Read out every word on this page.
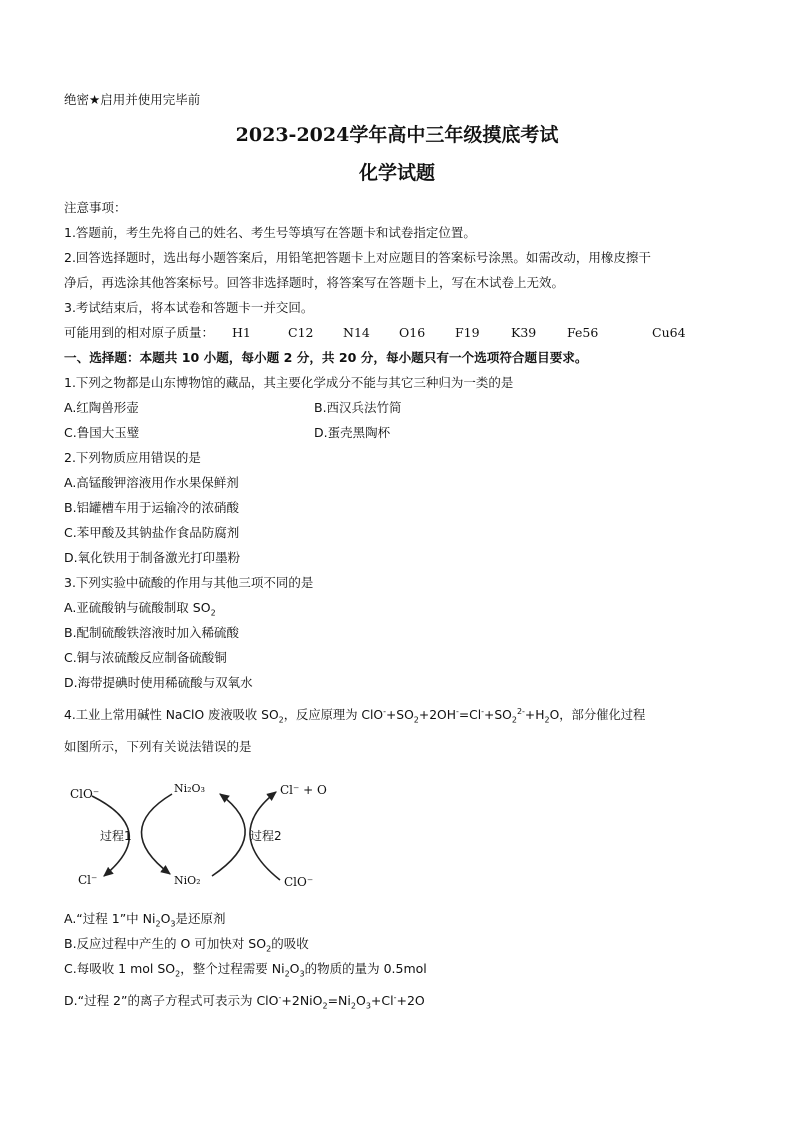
绝密★启用并使用完毕前
2023-2024学年高中三年级摸底考试
化学试题
注意事项：
1.答题前，考生先将自己的姓名、考生号等填写在答题卡和试卷指定位置。
2.回答选择题时，选出每小题答案后，用铅笔把答题卡上对应题目的答案标号涂黑。如需改动，用橡皮擦干
净后，再选涂其他答案标号。回答非选择题时，将答案写在答题卡上，写在木试卷上无效。
3.考试结束后，将本试卷和答题卡一并交回。
可能用到的相对原子质量： H1	C12 N14 O16 F19	K39 Fe56	Cu64
一、选择题：本题共 10 小题，每小题 2 分，共 20 分，每小题只有一个选项符合题目要求。
1.下列之物都是山东博物馆的藏品，其主要化学成分不能与其它三种归为一类的是
A.红陶兽形壶	B.西汉兵法竹简
C.鲁国大玉璧	D.蛋壳黑陶杯
2.下列物质应用错误的是
A.高锰酸钾溶液用作水果保鲜剂
B.铝罐槽车用于运输冷的浓硝酸
C.苯甲酸及其钠盐作食品防腐剂
D.氧化铁用于制备激光打印墨粉
3.下列实验中硫酸的作用与其他三项不同的是
A.亚硫酸钠与硫酸制取 $SO_2$
B.配制硫酸铁溶液时加入稀硫酸
C.铜与浓硫酸反应制备硫酸铜
D.海带提碘时使用稀硫酸与双氧水
4.工业上常用碱性 NaClO 废液吸收 $SO_2$，反应原理为 $ClO^-+SO_2+2OH^-=Cl^-+SO_2^{2-}+H_2O$，部分催化过程
如图所示，下列有关说法错误的是
ClO⁻	Ni₂O₃	Cl⁻ + O
过程1	过程2
Cl⁻	NiO₂	ClO⁻
A.“过程 1”中 $Ni_2O_3$是还原剂
B.反应过程中产生的 O 可加快对 $SO_2$的吸收
C.每吸收 1 mol $SO_2$，整个过程需要 $Ni_2O_3$的物质的量为 0.5mol
D.“过程 2”的离子方程式可表示为 $ClO^-+2NiO_2=Ni_2O_3+Cl^-+2O$
